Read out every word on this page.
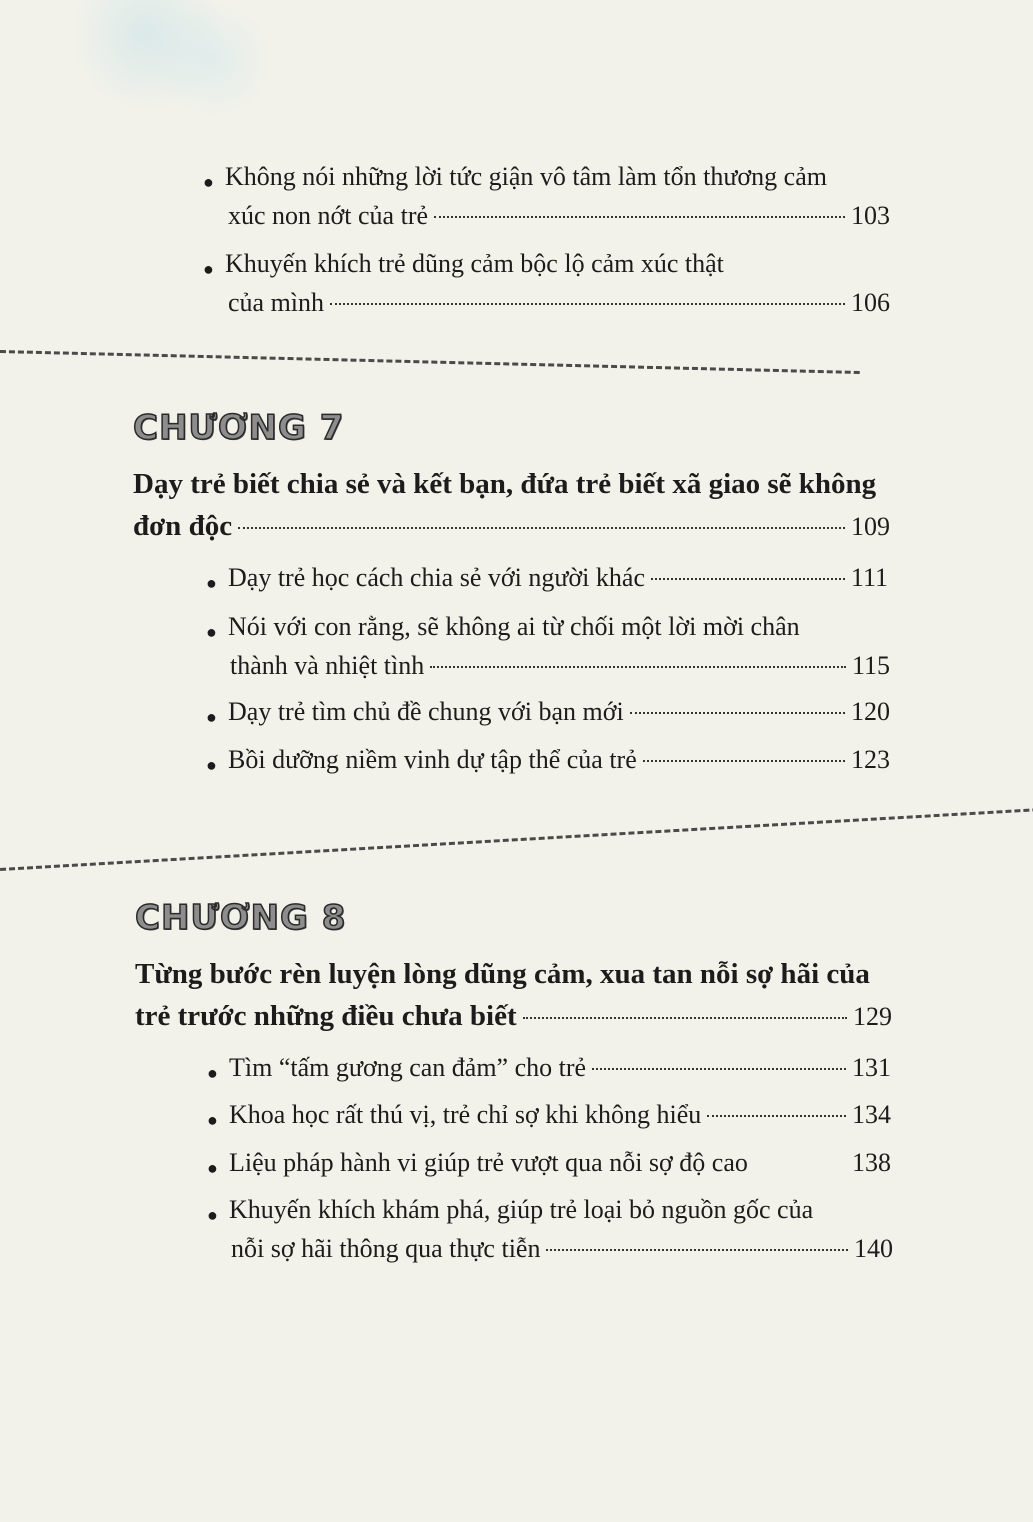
● Không nói những lời tức giận vô tâm làm tổn thương cảm
xúc non nớt của trẻ	103
● Khuyến khích trẻ dũng cảm bộc lộ cảm xúc thật
của mình	106
CHƯƠNG 7
Dạy trẻ biết chia sẻ và kết bạn, đứa trẻ biết xã giao sẽ không
đơn độc	109
● Dạy trẻ học cách chia sẻ với người khác	111
● Nói với con rằng, sẽ không ai từ chối một lời mời chân
thành và nhiệt tình	115
● Dạy trẻ tìm chủ đề chung với bạn mới	120
● Bồi dưỡng niềm vinh dự tập thể của trẻ	123
CHƯƠNG 8
Từng bước rèn luyện lòng dũng cảm, xua tan nỗi sợ hãi của
trẻ trước những điều chưa biết	129
● Tìm “tấm gương can đảm” cho trẻ	131
● Khoa học rất thú vị, trẻ chỉ sợ khi không hiểu	134
● Liệu pháp hành vi giúp trẻ vượt qua nỗi sợ độ cao	138
● Khuyến khích khám phá, giúp trẻ loại bỏ nguồn gốc của
nỗi sợ hãi thông qua thực tiễn	140
